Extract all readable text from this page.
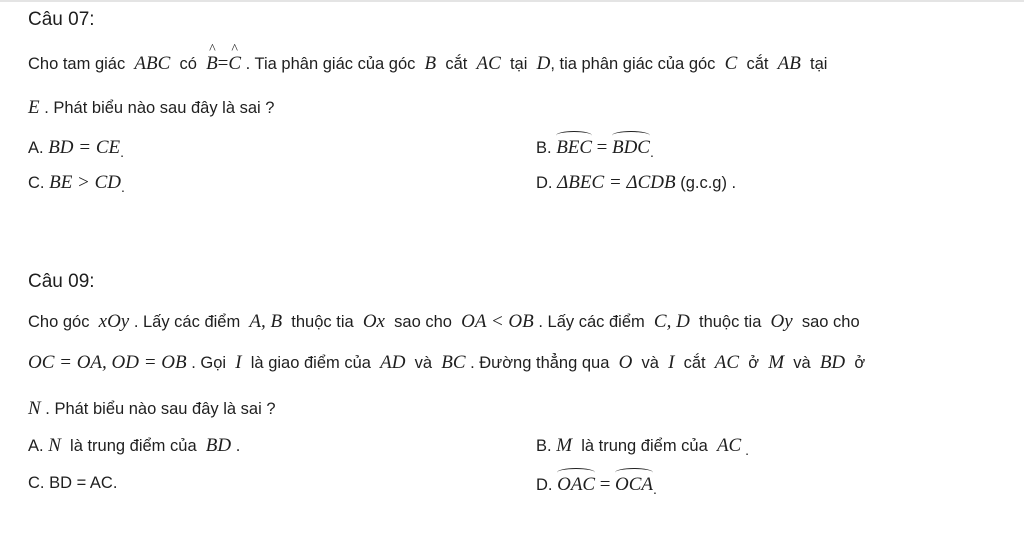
Câu 07:
Cho tam giác ABC có  ^ B=^ C . Tia phân giác của góc B cắt AC tại D, tia phân giác của góc C cắt AB tại
E . Phát biểu nào sau đây là sai ?
A. BD = $CE_.$	B. BEC = $BDC_.$
C. BE > $CD_.$	D. ΔBEC = ΔCDB (g.c.g) .
Câu 09:
Cho góc xOy . Lấy các điểm A, B thuộc tia Ox sao cho OA < OB . Lấy các điểm C, D thuộc tia Oy sao cho
OC = OA, OD = OB . Gọi I là giao điểm của AD và BC . Đường thẳng qua O và I cắt AC ở M và BD ở
N . Phát biểu nào sau đây là sai ?
A. N là trung điểm của BD .	B. M là trung điểm của AC $_.$
C. BD = AC.	D. OAC = $OCA_.$
